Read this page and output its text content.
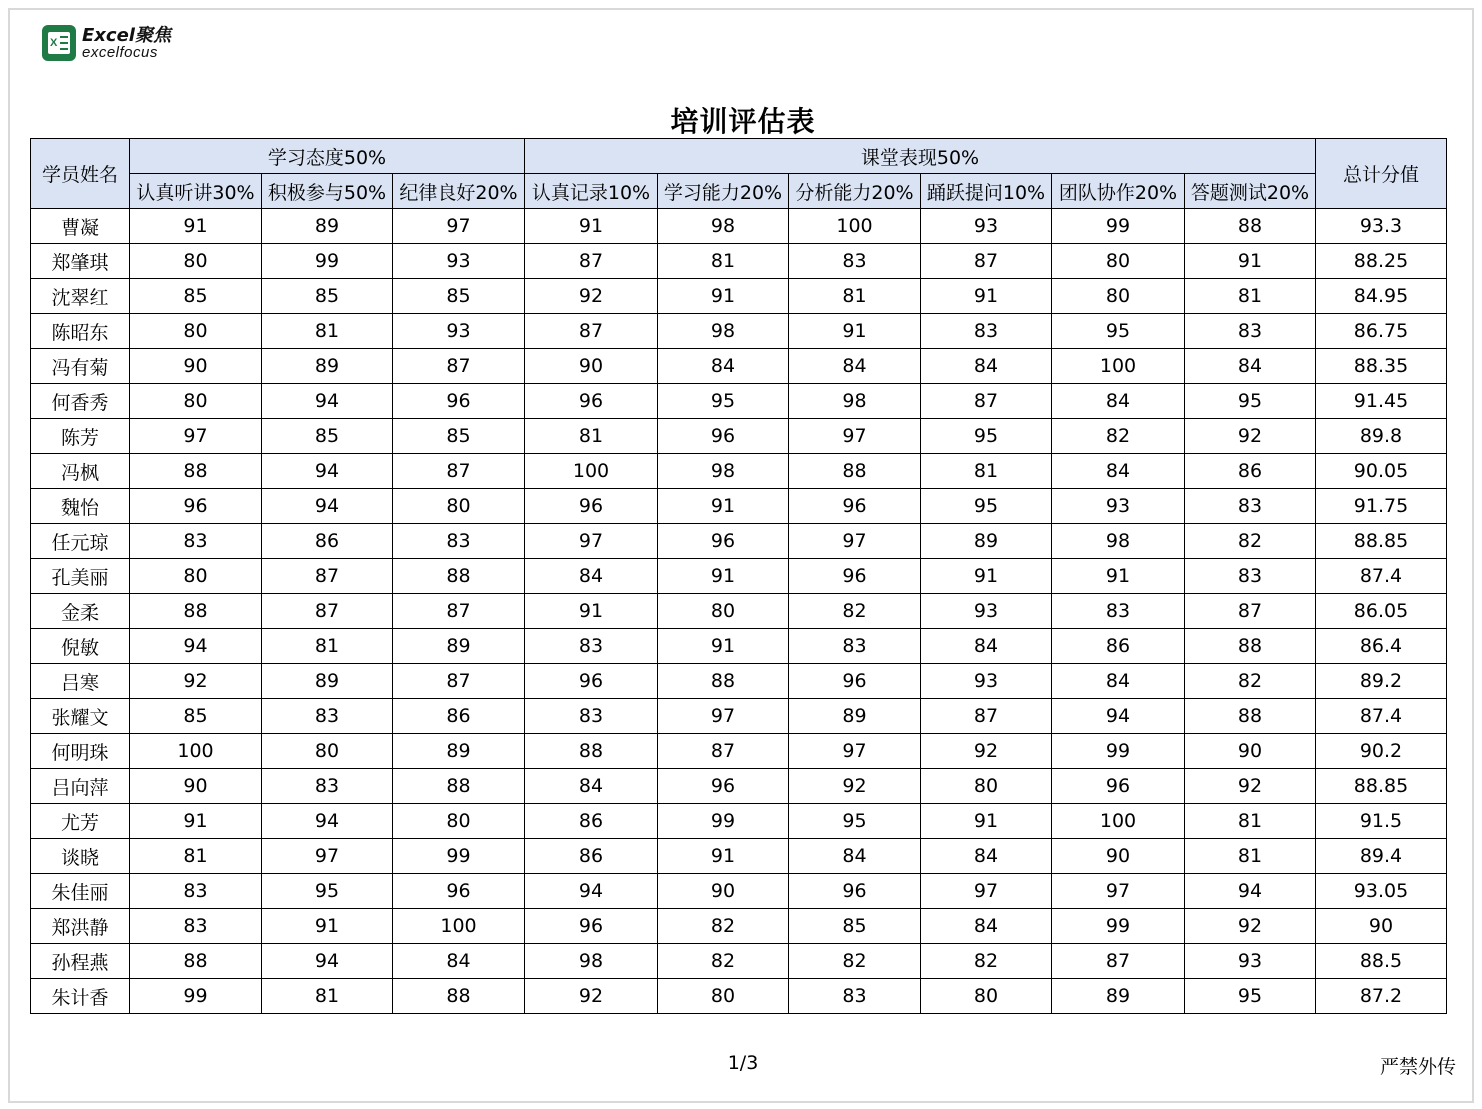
X Excel聚焦
excelfocus
培训评估表
学员姓名	学习态度50%			课堂表现50%						总计分值
	认真听讲30%	积极参与50%	纪律良好20%	认真记录10%	学习能力20%	分析能力20%	踊跃提问10%	团队协作20%	答题测试20%	
曹凝	91	89	97	91	98	100	93	99	88	93.3
郑肇琪	80	99	93	87	81	83	87	80	91	88.25
沈翠红	85	85	85	92	91	81	91	80	81	84.95
陈昭东	80	81	93	87	98	91	83	95	83	86.75
冯有菊	90	89	87	90	84	84	84	100	84	88.35
何香秀	80	94	96	96	95	98	87	84	95	91.45
陈芳	97	85	85	81	96	97	95	82	92	89.8
冯枫	88	94	87	100	98	88	81	84	86	90.05
魏怡	96	94	80	96	91	96	95	93	83	91.75
任元琼	83	86	83	97	96	97	89	98	82	88.85
孔美丽	80	87	88	84	91	96	91	91	83	87.4
金柔	88	87	87	91	80	82	93	83	87	86.05
倪敏	94	81	89	83	91	83	84	86	88	86.4
吕寒	92	89	87	96	88	96	93	84	82	89.2
张耀文	85	83	86	83	97	89	87	94	88	87.4
何明珠	100	80	89	88	87	97	92	99	90	90.2
吕向萍	90	83	88	84	96	92	80	96	92	88.85
尤芳	91	94	80	86	99	95	91	100	81	91.5
谈晓	81	97	99	86	91	84	84	90	81	89.4
朱佳丽	83	95	96	94	90	96	97	97	94	93.05
郑洪静	83	91	100	96	82	85	84	99	92	90
孙程燕	88	94	84	98	82	82	82	87	93	88.5
朱计香	99	81	88	92	80	83	80	89	95	87.2
1/3	严禁外传
